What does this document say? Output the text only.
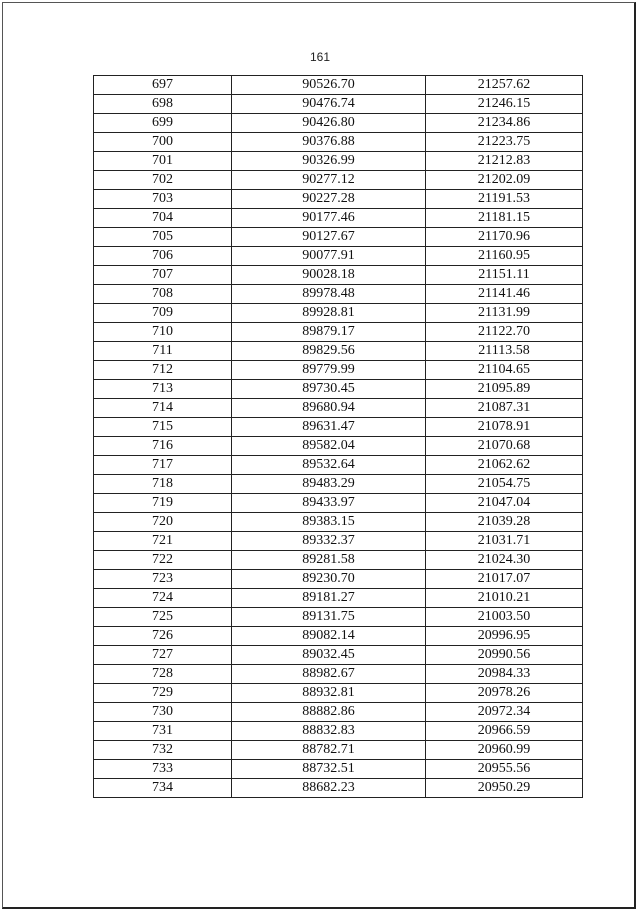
161
697	90526.70	21257.62
698	90476.74	21246.15
699	90426.80	21234.86
700	90376.88	21223.75
701	90326.99	21212.83
702	90277.12	21202.09
703	90227.28	21191.53
704	90177.46	21181.15
705	90127.67	21170.96
706	90077.91	21160.95
707	90028.18	21151.11
708	89978.48	21141.46
709	89928.81	21131.99
710	89879.17	21122.70
711	89829.56	21113.58
712	89779.99	21104.65
713	89730.45	21095.89
714	89680.94	21087.31
715	89631.47	21078.91
716	89582.04	21070.68
717	89532.64	21062.62
718	89483.29	21054.75
719	89433.97	21047.04
720	89383.15	21039.28
721	89332.37	21031.71
722	89281.58	21024.30
723	89230.70	21017.07
724	89181.27	21010.21
725	89131.75	21003.50
726	89082.14	20996.95
727	89032.45	20990.56
728	88982.67	20984.33
729	88932.81	20978.26
730	88882.86	20972.34
731	88832.83	20966.59
732	88782.71	20960.99
733	88732.51	20955.56
734	88682.23	20950.29
